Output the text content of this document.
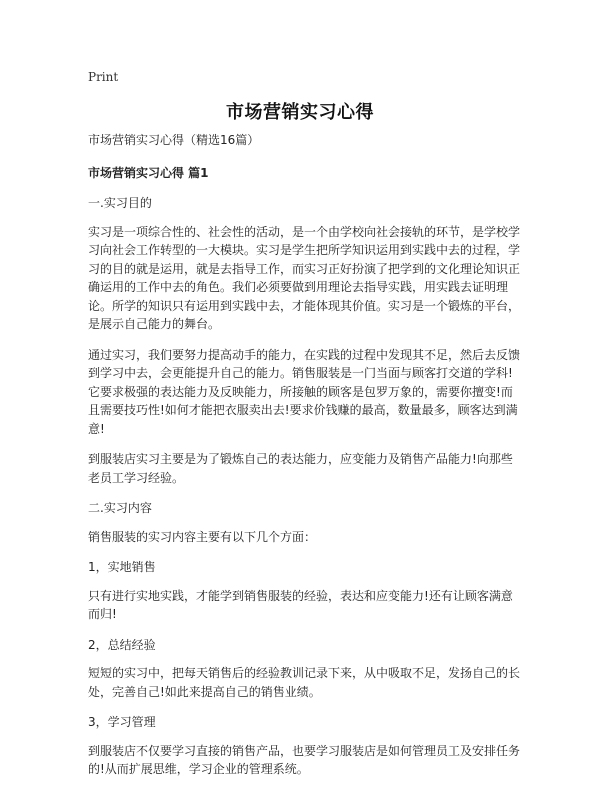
Print

市场营销实习心得

市场营销实习心得（精选16篇）

市场营销实习心得 篇1

一.实习目的

实习是一项综合性的、社会性的活动，是一个由学校向社会接轨的环节，是学校学习向社会工作转型的一大模块。实习是学生把所学知识运用到实践中去的过程，学习的目的就是运用，就是去指导工作，而实习正好扮演了把学到的文化理论知识正确运用的工作中去的角色。我们必须要做到用理论去指导实践，用实践去证明理论。所学的知识只有运用到实践中去，才能体现其价值。实习是一个锻炼的平台，是展示自己能力的舞台。

通过实习，我们要努力提高动手的能力，在实践的过程中发现其不足，然后去反馈到学习中去，会更能提升自己的能力。销售服装是一门当面与顾客打交道的学科!它要求极强的表达能力及反映能力，所接触的顾客是包罗万象的，需要你擅变!而且需要技巧性!如何才能把衣服卖出去!要求价钱赚的最高，数量最多，顾客达到满意!

到服装店实习主要是为了锻炼自己的表达能力，应变能力及销售产品能力!向那些老员工学习经验。

二.实习内容

销售服装的实习内容主要有以下几个方面：

1，实地销售

只有进行实地实践，才能学到销售服装的经验，表达和应变能力!还有让顾客满意而归!

2，总结经验

短短的实习中，把每天销售后的经验教训记录下来，从中吸取不足，发扬自己的长处，完善自己!如此来提高自己的销售业绩。

3，学习管理

到服装店不仅要学习直接的销售产品，也要学习服装店是如何管理员工及安排任务的!从而扩展思维，学习企业的管理系统。
